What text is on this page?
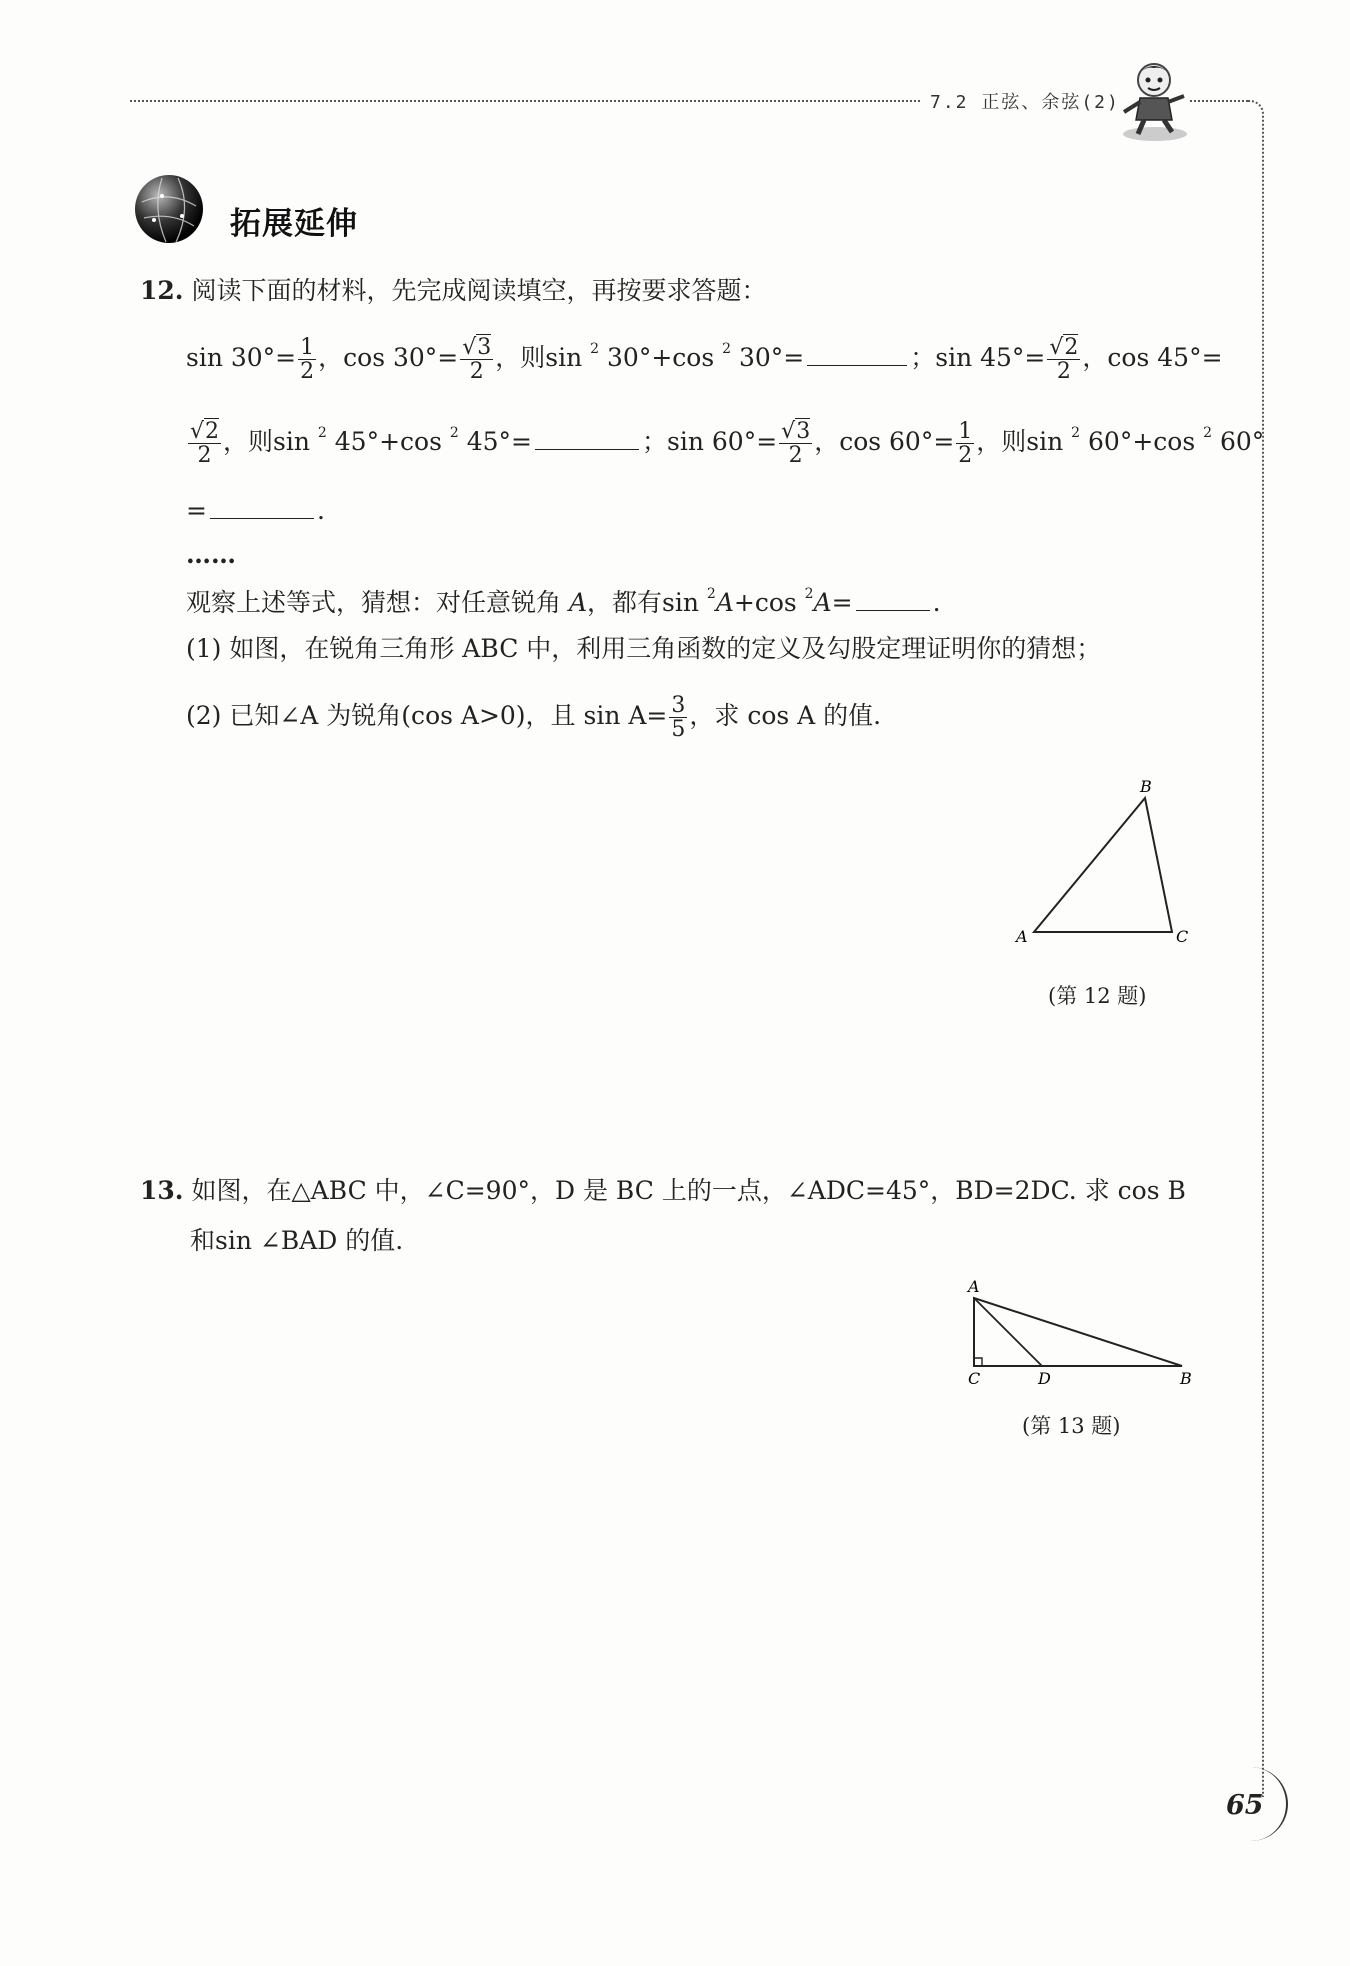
7.2 正弦、余弦(2)
拓展延伸
12. 阅读下面的材料，先完成阅读填空，再按要求答题：
$\sin 30^\circ= \frac{1}{2}$ ，$\cos 30^\circ= \frac{√3}{2}$ ，则sin $^2$ 30°+cos $^2$ 30°=	；$\sin 45^\circ= \frac{√2}{2}$ ，cos 45°=
$\frac{√2}{2}$ ，则sin $^2$ 45°+cos $^2$ 45°=	；$\sin 60^\circ= \frac{√3}{2}$ ，$\cos 60^\circ= \frac{1}{2}$ ，则sin $^2$ 60°+cos $^2$ 60°
=	.
……
观察上述等式，猜想：对任意锐角 A，都有sin $^2$A+cos $^2$A=	.
(1) 如图，在锐角三角形 ABC 中，利用三角函数的定义及勾股定理证明你的猜想；
(2) 已知∠A 为锐角(cos A>0)，且 $\sin A= \frac{3}{5}$ ，求 cos A 的值.
A
B
C
(第 12 题)
13. 如图，在△ABC 中，∠C=90°，D 是 BC 上的一点，∠ADC=45°，BD=2DC. 求 cos B
和sin ∠BAD 的值.
A
C	D	B
(第 13 题)
65
